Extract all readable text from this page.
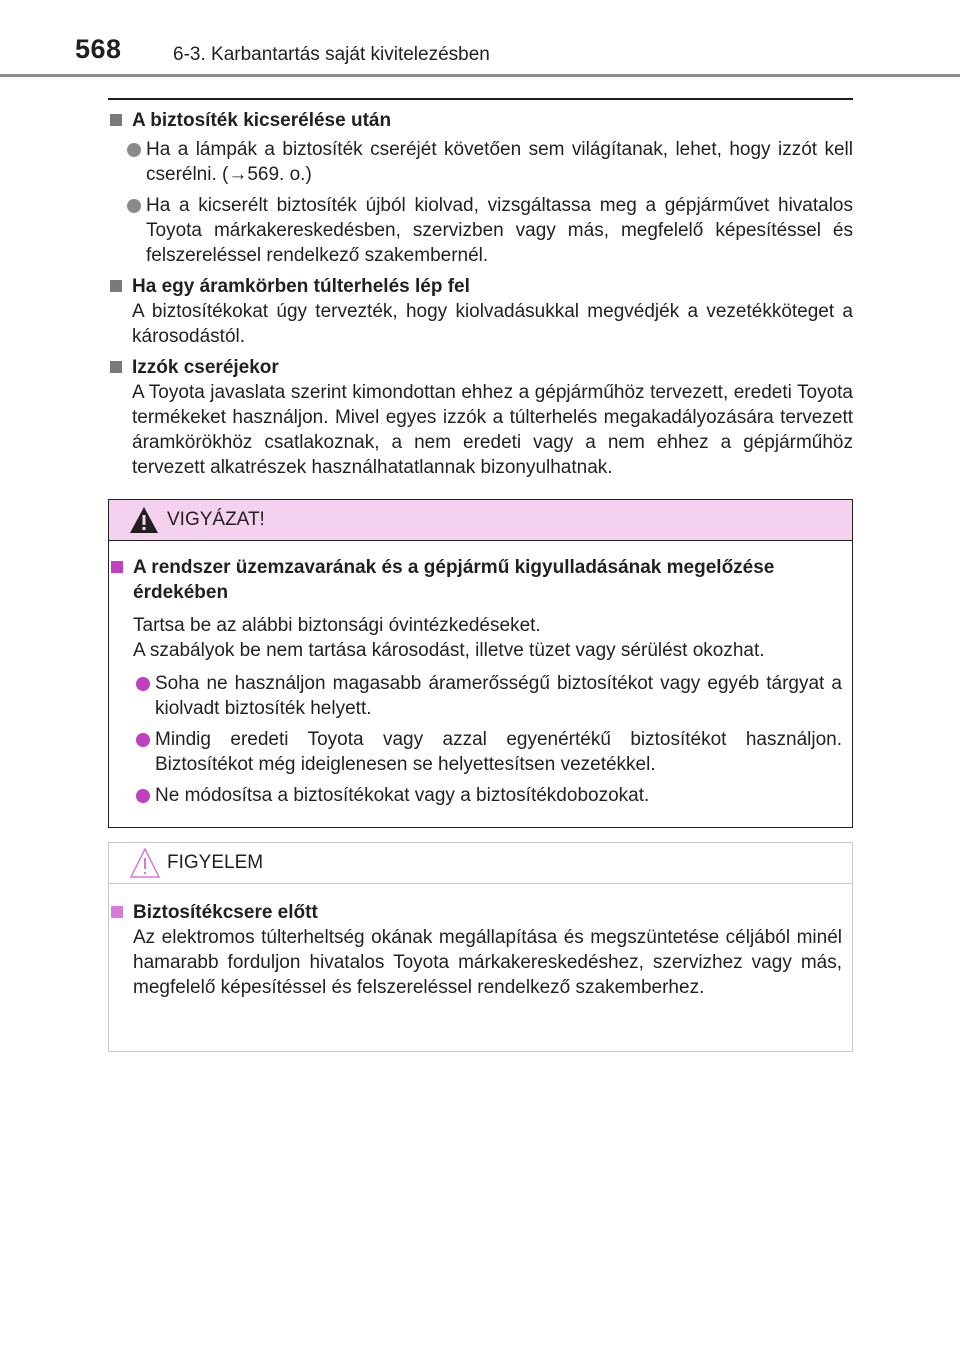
568	6-3. Karbantartás saját kivitelezésben
A biztosíték kicserélése után
Ha a lámpák a biztosíték cseréjét követően sem világítanak, lehet, hogy izzót kell cserélni. (→569. o.)
Ha a kicserélt biztosíték újból kiolvad, vizsgáltassa meg a gépjárművet hivatalos Toyota márkakereskedésben, szervizben vagy más, megfelelő képesítéssel és felszereléssel rendelkező szakembernél.
Ha egy áramkörben túlterhelés lép fel
A biztosítékokat úgy tervezték, hogy kiolvadásukkal megvédjék a vezetékköteget a károsodástól.
Izzók cseréjekor
A Toyota javaslata szerint kimondottan ehhez a gépjárműhöz tervezett, eredeti Toyota termékeket használjon. Mivel egyes izzók a túlterhelés megakadályozására tervezett áramkörökhöz csatlakoznak, a nem eredeti vagy a nem ehhez a gépjárműhöz tervezett alkatrészek használhatatlannak bizonyulhatnak.
VIGYÁZAT!
A rendszer üzemzavarának és a gépjármű kigyulladásának megelőzése érdekében
Tartsa be az alábbi biztonsági óvintézkedéseket.
A szabályok be nem tartása károsodást, illetve tüzet vagy sérülést okozhat.
Soha ne használjon magasabb áramerősségű biztosítékot vagy egyéb tárgyat a kiolvadt biztosíték helyett.
Mindig eredeti Toyota vagy azzal egyenértékű biztosítékot használjon. Biztosítékot még ideiglenesen se helyettesítsen vezetékkel.
Ne módosítsa a biztosítékokat vagy a biztosítékdobozokat.
FIGYELEM
Biztosítékcsere előtt
Az elektromos túlterheltség okának megállapítása és megszüntetése céljából minél hamarabb forduljon hivatalos Toyota márkakereskedéshez, szervizhez vagy más, megfelelő képesítéssel és felszereléssel rendelkező szakemberhez.
